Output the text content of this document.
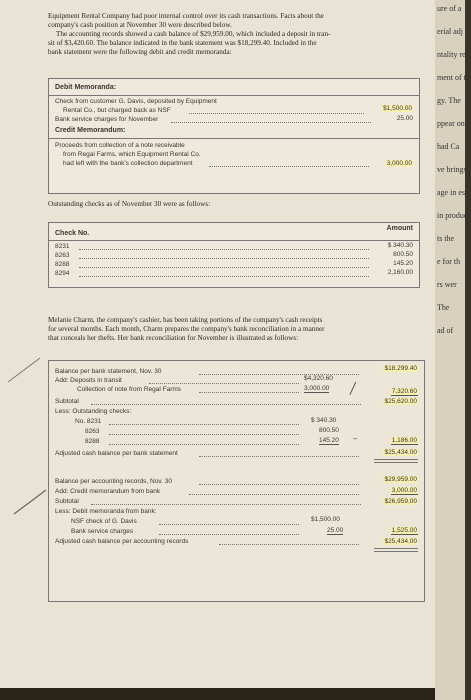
Equipment Rental Company had poor internal control over its cash transactions. Facts about the
company's cash position at November 30 were described below.
The accounting records showed a cash balance of $29,959.00, which included a deposit in tran-
sit of $3,420.60. The balance indicated in the bank statement was $18,299.40. Included in the
bank statement were the following debit and credit memoranda:
Debit Memoranda:
Check from customer G. Davis, deposited by Equipment
Rental Co., but charged back as NSF	$1,500.00
Bank service charges for November	25.00
Credit Memorandum:
Proceeds from collection of a note receivable
from Regal Farms, which Equipment Rental Co.
had left with the bank's collection department	3,000.00
Outstanding checks as of November 30 were as follows:
Check No.
Amount
8231	$ 340.30
8263	800.50
8288	145.20
8294	2,160.00
Melanie Charm, the company's cashier, has been taking portions of the company's cash receipts
for several months. Each month, Charm prepares the company's bank reconciliation in a manner
that conceals her thefts. Her bank reconciliation for November is illustrated as follows:
Balance per bank statement, Nov. 30	$18,299.40
Add: Deposits in transit	$4,320.60
Collection of note from Regal Farms	3,000.00	7,320.60
Subtotal	$25,620.00
Less: Outstanding checks:
No. 8231	$ 340.30
8263	800.50
8288	145.20 –	1,186.00
Adjusted cash balance per bank statement	$25,434.00
Balance per accounting records, Nov. 30	$29,959.00
Add: Credit memorandum from bank	3,000.00
Subtotal	$26,959.00
Less: Debit memoranda from bank:
NSF check of G. Davis	$1,500.00
Bank service charges	25.00	1,525.00
Adjusted cash balance per accounting records	$25,434.00
ure of a
erial adj
ntality re
ment of t
gy. The
ppear on
had Ca
ve brings
age in es
in produce
ts the
e for th
rs wer
The
ad of
